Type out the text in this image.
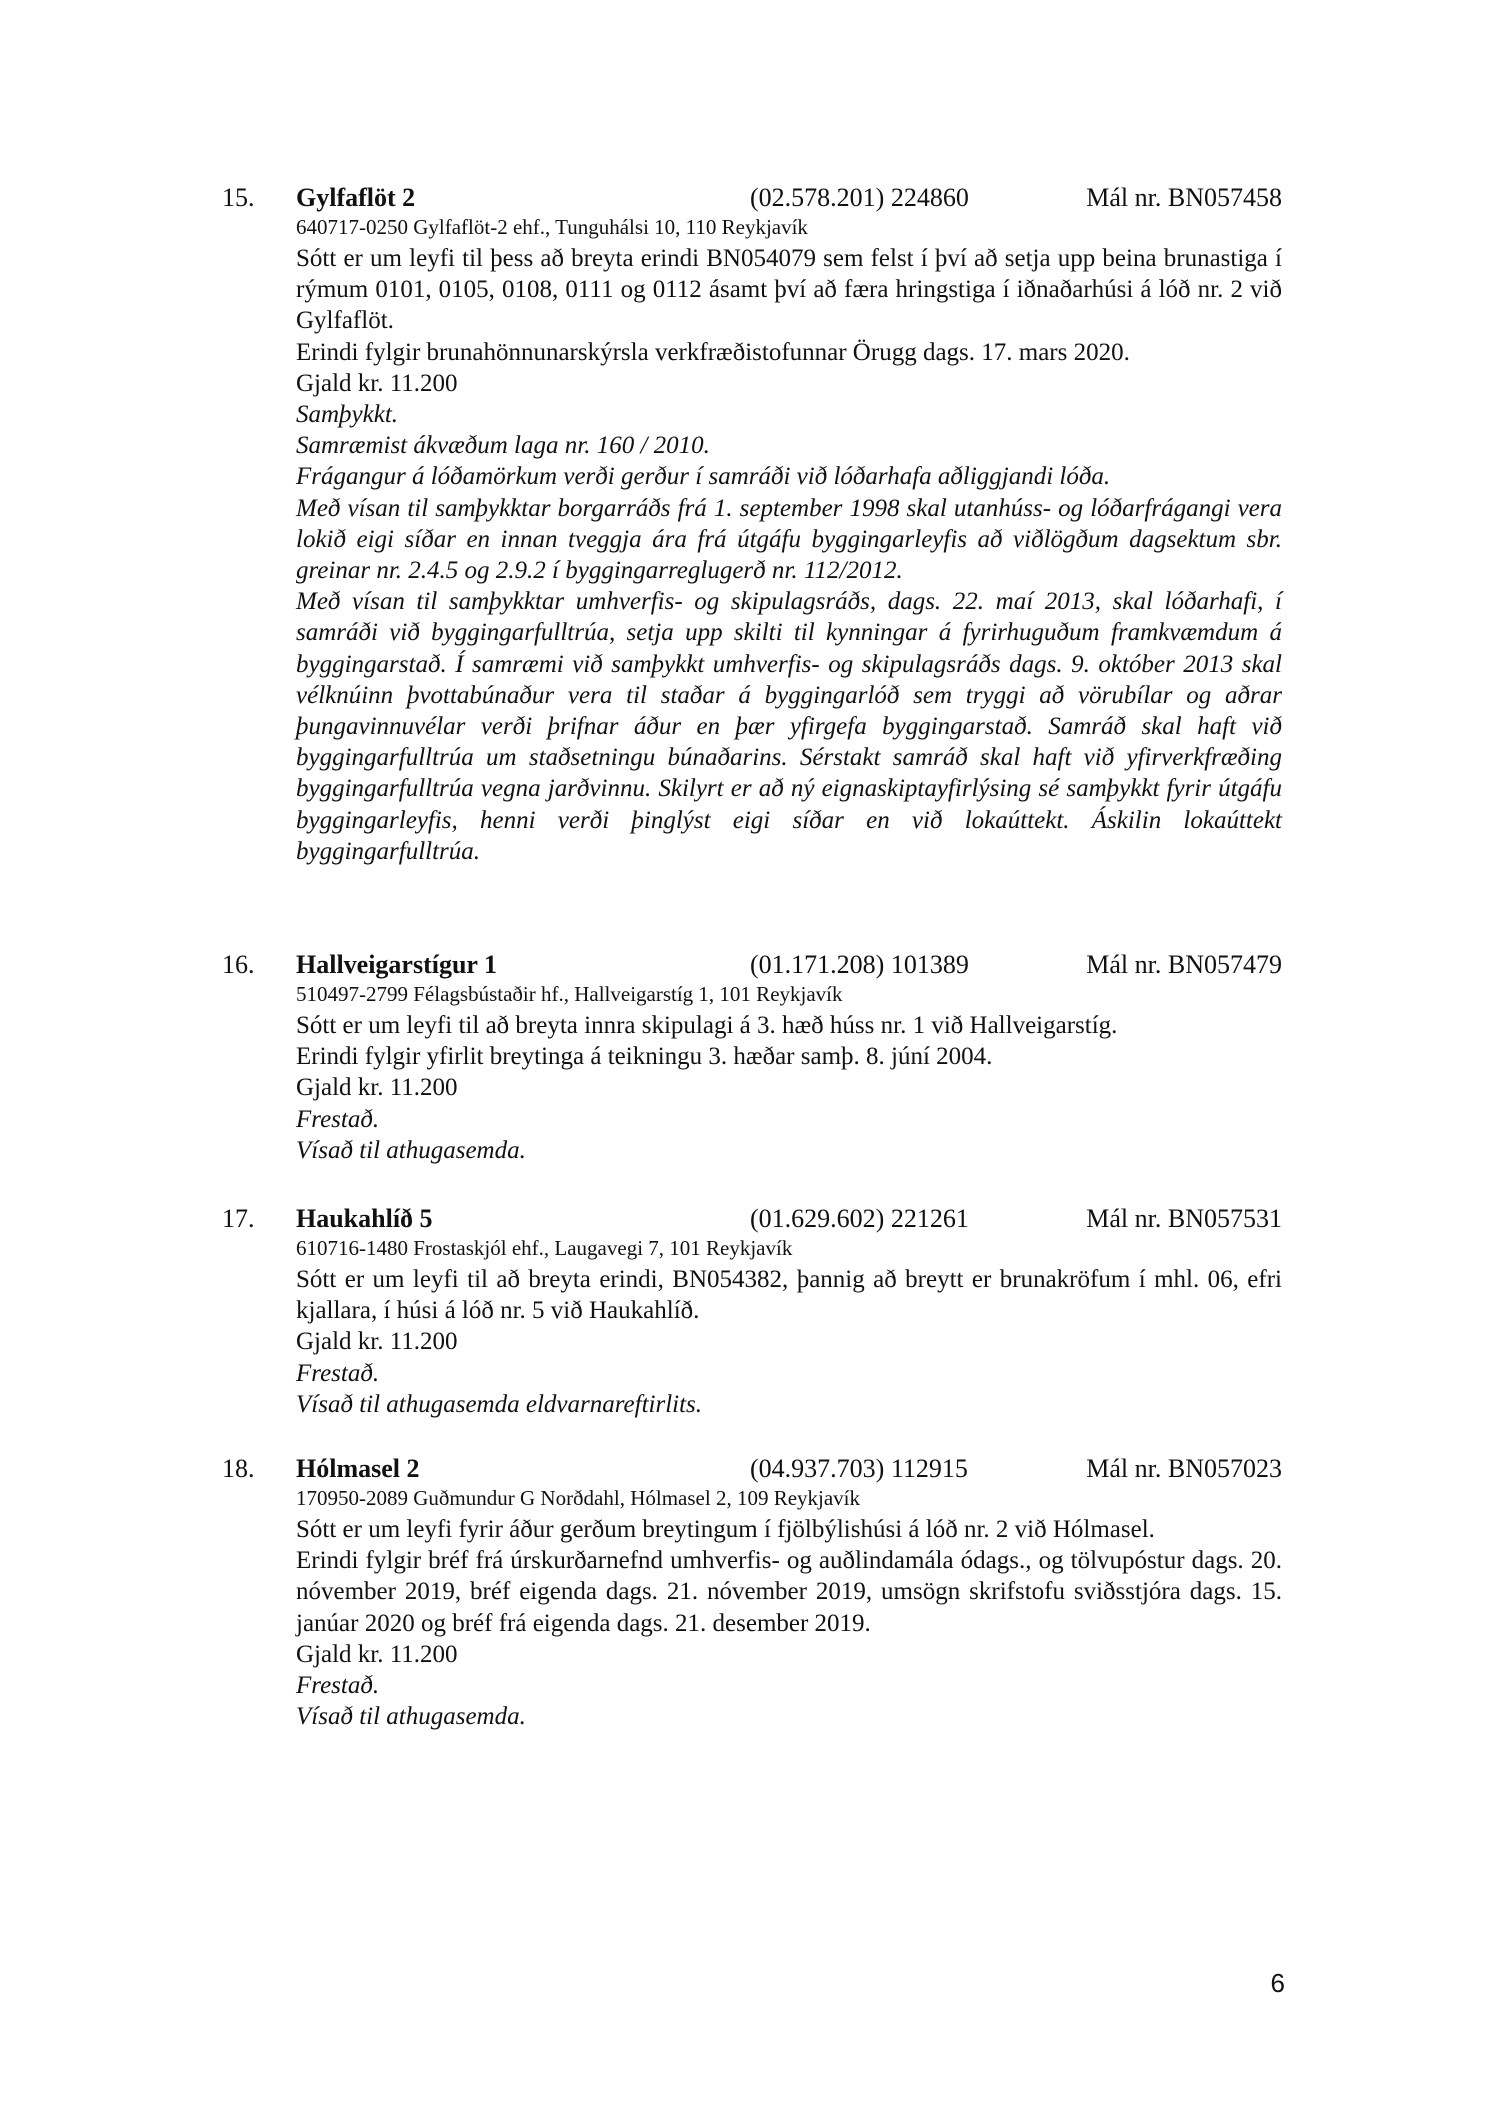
15. Gylfaflöt 2	(02.578.201) 224860	Mál nr. BN057458
640717-0250 Gylfaflöt-2 ehf., Tunguhálsi 10, 110 Reykjavík
Sótt er um leyfi til þess að breyta erindi BN054079 sem felst í því að setja upp beina brunastiga í rýmum 0101, 0105, 0108, 0111 og 0112 ásamt því að færa hringstiga í iðnaðarhúsi á lóð nr. 2 við Gylfaflöt.
Erindi fylgir brunahönnunarskýrsla verkfræðistofunnar Örugg dags. 17. mars 2020.
Gjald kr. 11.200
Samþykkt.
Samræmist ákvæðum laga nr. 160 / 2010.
Frágangur á lóðamörkum verði gerður í samráði við lóðarhafa aðliggjandi lóða.
Með vísan til samþykktar borgarráðs frá 1. september 1998 skal utanhúss- og lóðarfrágangi vera lokið eigi síðar en innan tveggja ára frá útgáfu byggingarleyfis að viðlögðum dagsektum sbr. greinar nr. 2.4.5 og 2.9.2 í byggingarreglugerð nr. 112/2012.
Með vísan til samþykktar umhverfis- og skipulagsráðs, dags. 22. maí 2013, skal lóðarhafi, í samráði við byggingarfulltrúa, setja upp skilti til kynningar á fyrirhuguðum framkvæmdum á byggingarstað. Í samræmi við samþykkt umhverfis- og skipulagsráðs dags. 9. október 2013 skal vélknúinn þvottabúnaður vera til staðar á byggingarlóð sem tryggi að vörubílar og aðrar þungavinnuvélar verði þrifnar áður en þær yfirgefa byggingarstað. Samráð skal haft við byggingarfulltrúa um staðsetningu búnaðarins. Sérstakt samráð skal haft við yfirverkfræðing byggingarfulltrúa vegna jarðvinnu. Skilyrt er að ný eignaskiptayfirlýsing sé samþykkt fyrir útgáfu byggingarleyfis, henni verði þinglýst eigi síðar en við lokaúttekt. Áskilin lokaúttekt byggingarfulltrúa.
16. Hallveigarstígur 1	(01.171.208) 101389	Mál nr. BN057479
510497-2799 Félagsbústaðir hf., Hallveigarstíg 1, 101 Reykjavík
Sótt er um leyfi til að breyta innra skipulagi á 3. hæð húss nr. 1 við Hallveigarstíg.
Erindi fylgir yfirlit breytinga á teikningu 3. hæðar samþ. 8. júní 2004.
Gjald kr. 11.200
Frestað.
Vísað til athugasemda.
17. Haukahlíð 5	(01.629.602) 221261	Mál nr. BN057531
610716-1480 Frostaskjól ehf., Laugavegi 7, 101 Reykjavík
Sótt er um leyfi til að breyta erindi, BN054382, þannig að breytt er brunakröfum í mhl. 06, efri kjallara, í húsi á lóð nr. 5 við Haukahlíð.
Gjald kr. 11.200
Frestað.
Vísað til athugasemda eldvarnareftirlits.
18. Hólmasel 2	(04.937.703) 112915	Mál nr. BN057023
170950-2089 Guðmundur G Norðdahl, Hólmasel 2, 109 Reykjavík
Sótt er um leyfi fyrir áður gerðum breytingum í fjölbýlishúsi á lóð nr. 2 við Hólmasel.
Erindi fylgir bréf frá úrskurðarnefnd umhverfis- og auðlindamála ódags., og tölvupóstur dags. 20. nóvember 2019, bréf eigenda dags. 21. nóvember 2019, umsögn skrifstofu sviðsstjóra dags. 15. janúar 2020 og bréf frá eigenda dags. 21. desember 2019.
Gjald kr. 11.200
Frestað.
Vísað til athugasemda.
6
